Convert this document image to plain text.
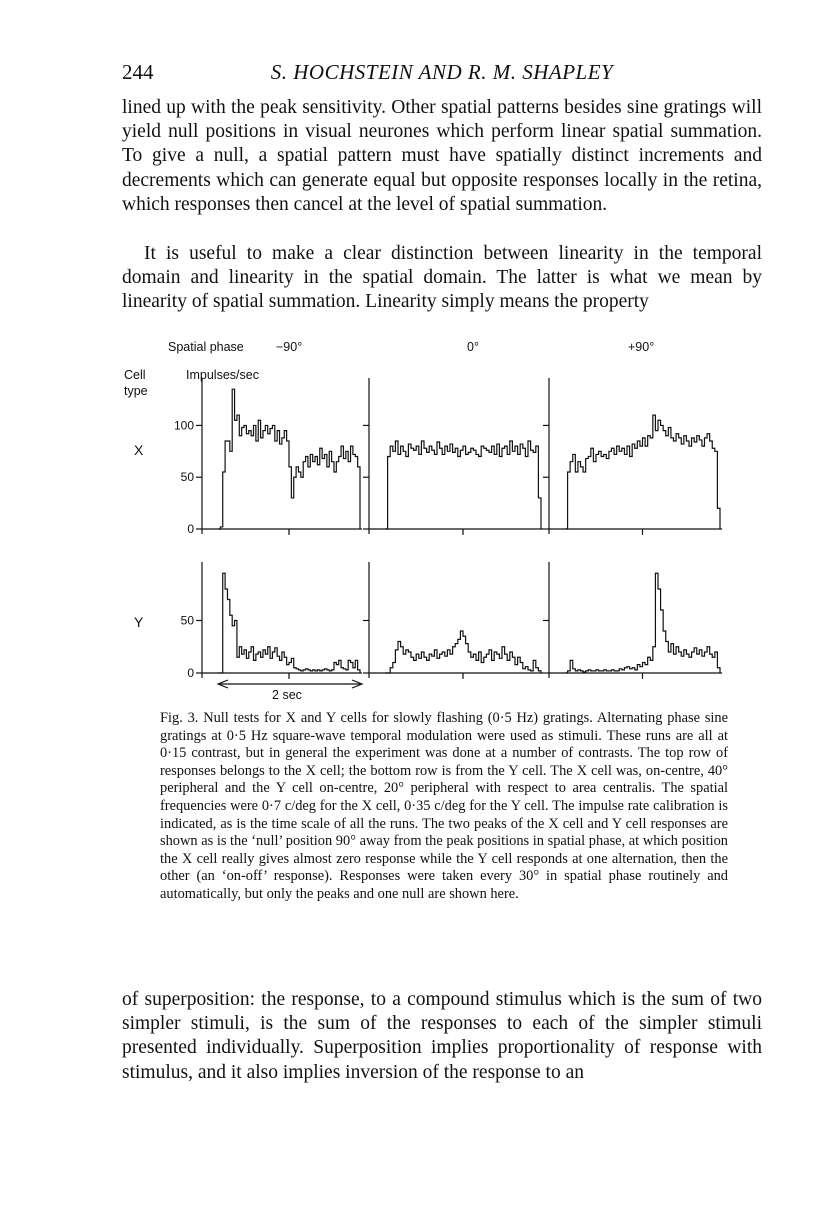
244	S. HOCHSTEIN AND R. M. SHAPLEY

lined up with the peak sensitivity. Other spatial patterns besides sine gratings will yield null positions in visual neurones which perform linear spatial summation. To give a null, a spatial pattern must have spatially distinct increments and decrements which can generate equal but opposite responses locally in the retina, which responses then cancel at the level of spatial summation.

It is useful to make a clear distinction between linearity in the temporal domain and linearity in the spatial domain. The latter is what we mean by linearity of spatial summation. Linearity simply means the property

Spatial phase	−90°	0°	+90°
Cell
type
Impulses/sec
X
Y
100
50
0
50
0
2 sec

Fig. 3. Null tests for X and Y cells for slowly flashing (0·5 Hz) gratings. Alternating phase sine gratings at 0·5 Hz square-wave temporal modulation were used as stimuli. These runs are all at 0·15 contrast, but in general the experiment was done at a number of contrasts. The top row of responses belongs to the X cell; the bottom row is from the Y cell. The X cell was, on-centre, 40° peripheral and the Y cell on-centre, 20° peripheral with respect to area centralis. The spatial frequencies were 0·7 c/deg for the X cell, 0·35 c/deg for the Y cell. The impulse rate calibration is indicated, as is the time scale of all the runs. The two peaks of the X cell and Y cell responses are shown as is the ‘null’ position 90° away from the peak positions in spatial phase, at which position the X cell really gives almost zero response while the Y cell responds at one alternation, then the other (an ‘on-off’ response). Responses were taken every 30° in spatial phase routinely and automatically, but only the peaks and one null are shown here.

of superposition: the response, to a compound stimulus which is the sum of two simpler stimuli, is the sum of the responses to each of the simpler stimuli presented individually. Superposition implies proportionality of response with stimulus, and it also implies inversion of the response to an
